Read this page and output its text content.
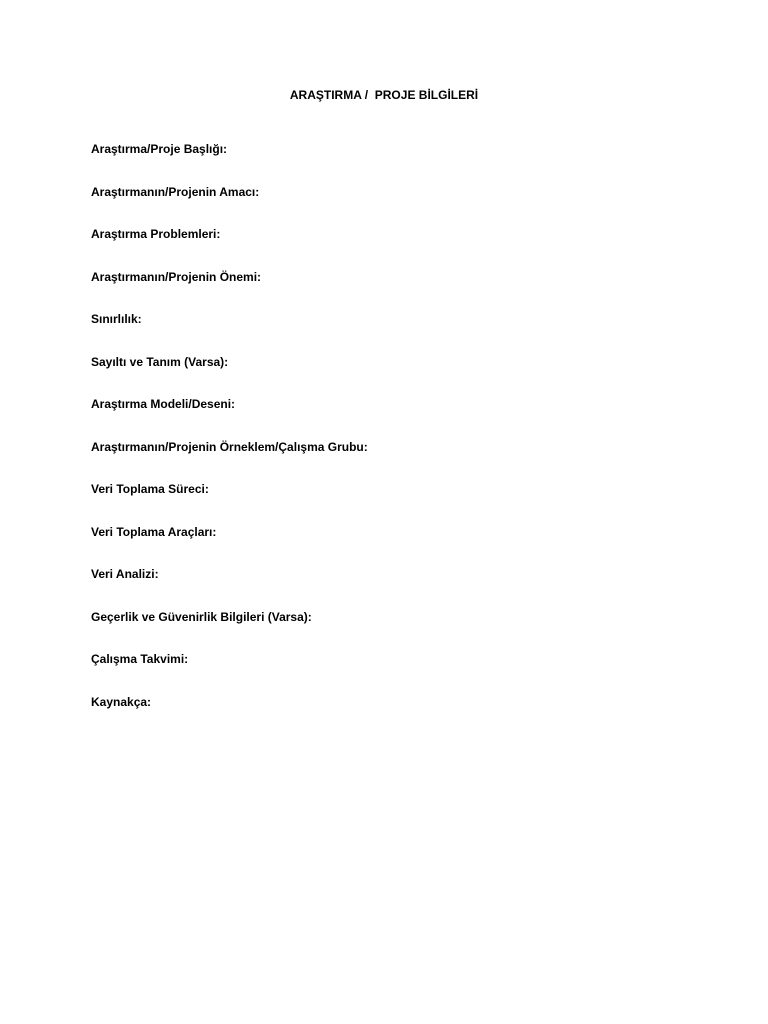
ARAŞTIRMA /  PROJE BİLGİLERİ
Araştırma/Proje Başlığı:
Araştırmanın/Projenin Amacı:
Araştırma Problemleri:
Araştırmanın/Projenin Önemi:
Sınırlılık:
Sayıltı ve Tanım (Varsa):
Araştırma Modeli/Deseni:
Araştırmanın/Projenin Örneklem/Çalışma Grubu:
Veri Toplama Süreci:
Veri Toplama Araçları:
Veri Analizi:
Geçerlik ve Güvenirlik Bilgileri (Varsa):
Çalışma Takvimi:
Kaynakça:
